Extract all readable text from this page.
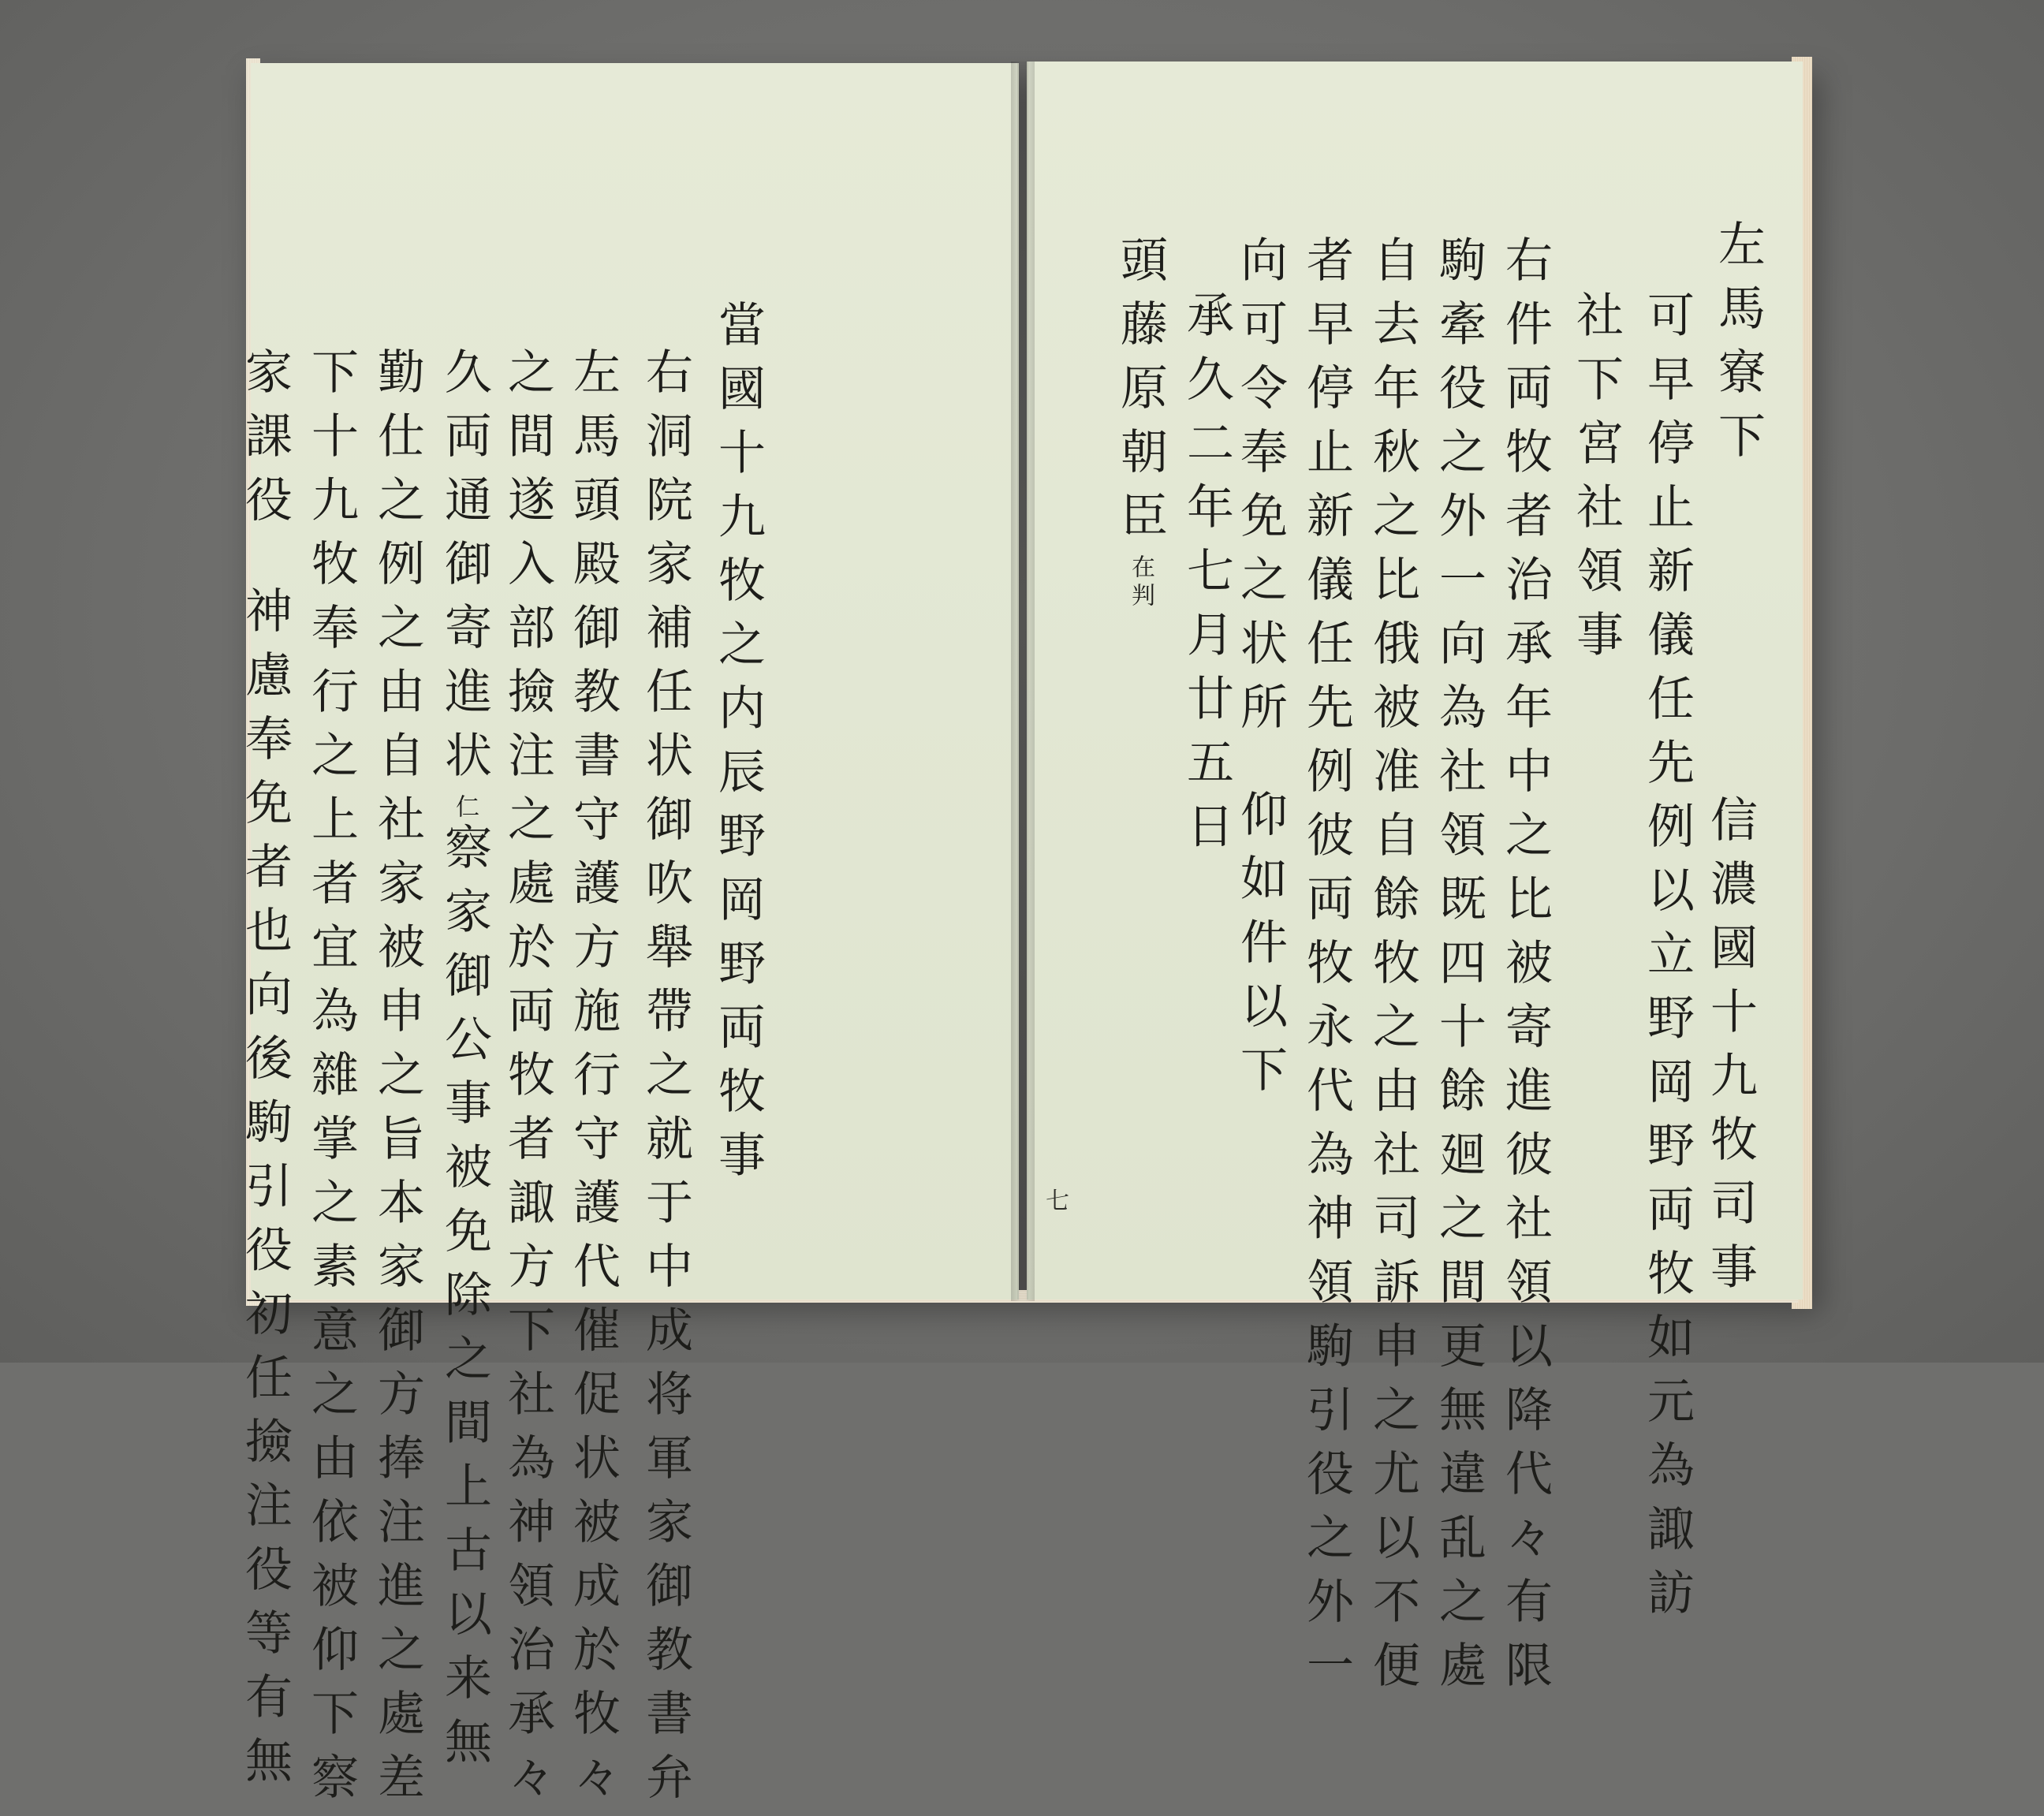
當國十九牧之内辰野岡野両牧事
右洞院家補任状御吹舉帶之就于中成将軍家御教書弁
左馬頭殿御教書守護方施行守護代催促状被成於牧々
之間遂入部撿注之處於両牧者諏方下社為神領治承々
久両通御寄進状仁察家御公事被免除之間上古以来無
勤仕之例之由自社家被申之旨本家御方捧注進之處差
下十九牧奉行之上者宜為雜掌之素意之由依被仰下察
家課役神慮奉免者也向後駒引役初任撿注役等有無	信濃國十九牧司事
左馬寮下
可早停止新儀任先例以立野岡野両牧如元為諏訪
社下宮社領事
右件両牧者治承年中之比被寄進彼社領以降代々有限
駒牽役之外一向為社領既四十餘廻之間更無違乱之處
自去年秋之比俄被准自餘牧之由社司訴申之尤以不便
者早停止新儀任先例彼両牧永代為神領駒引役之外一
向可令奉免之状所仰如件以下
承久二年七月廿五日
頭藤原朝臣在判
七
